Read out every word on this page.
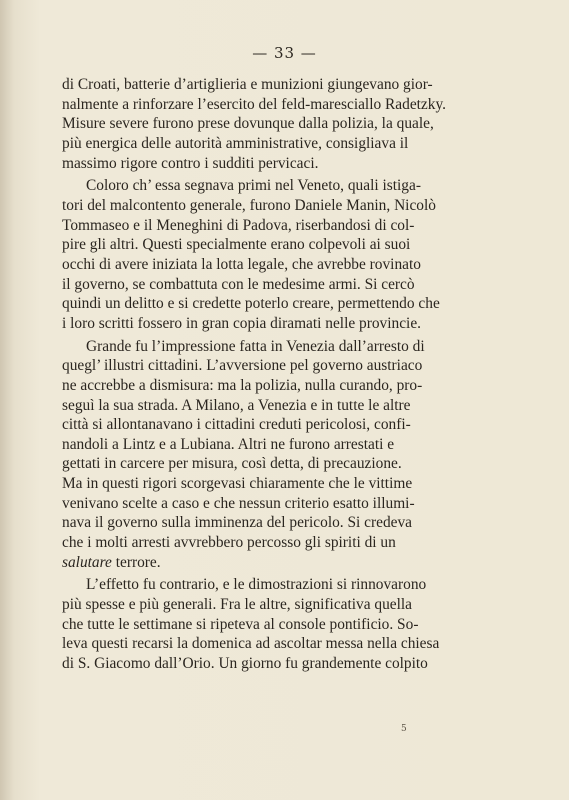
— 33 —

di Croati, batterie d’artiglieria e munizioni giungevano gior-
nalmente a rinforzare l’esercito del feld-maresciallo Radetzky.
Misure severe furono prese dovunque dalla polizia, la quale,
più energica delle autorità amministrative, consigliava il
massimo rigore contro i sudditi pervicaci.

Coloro ch’ essa segnava primi nel Veneto, quali istiga-
tori del malcontento generale, furono Daniele Manin, Nicolò
Tommaseo e il Meneghini di Padova, riserbandosi di col-
pire gli altri. Questi specialmente erano colpevoli ai suoi
occhi di avere iniziata la lotta legale, che avrebbe rovinato
il governo, se combattuta con le medesime armi. Si cercò
quindi un delitto e si credette poterlo creare, permettendo che
i loro scritti fossero in gran copia diramati nelle provincie.

Grande fu l’impressione fatta in Venezia dall’arresto di
quegl’ illustri cittadini. L’avversione pel governo austriaco
ne accrebbe a dismisura: ma la polizia, nulla curando, pro-
seguì la sua strada. A Milano, a Venezia e in tutte le altre
città si allontanavano i cittadini creduti pericolosi, confi-
nandoli a Lintz e a Lubiana. Altri ne furono arrestati e
gettati in carcere per misura, così detta, di precauzione.
Ma in questi rigori scorgevasi chiaramente che le vittime
venivano scelte a caso e che nessun criterio esatto illumi-
nava il governo sulla imminenza del pericolo. Si credeva
che i molti arresti avvrebbero percosso gli spiriti di un
salutare terrore.

L’effetto fu contrario, e le dimostrazioni si rinnovarono
più spesse e più generali. Fra le altre, significativa quella
che tutte le settimane si ripeteva al console pontificio. So-
leva questi recarsi la domenica ad ascoltar messa nella chiesa
di S. Giacomo dall’Orio. Un giorno fu grandemente colpito

5
